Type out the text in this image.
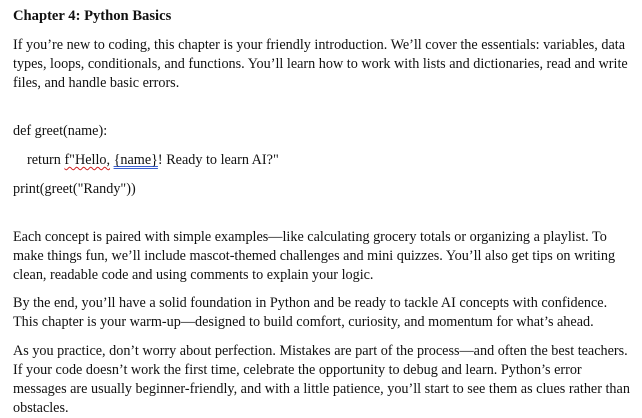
Chapter 4: Python Basics

If you’re new to coding, this chapter is your friendly introduction. We’ll cover the essentials: variables, data types, loops, conditionals, and functions. You’ll learn how to work with lists and dictionaries, read and write files, and handle basic errors.

def greet(name):
return f"Hello, {name}! Ready to learn AI?"
print(greet("Randy"))

Each concept is paired with simple examples—like calculating grocery totals or organizing a playlist. To make things fun, we’ll include mascot-themed challenges and mini quizzes. You’ll also get tips on writing clean, readable code and using comments to explain your logic.

By the end, you’ll have a solid foundation in Python and be ready to tackle AI concepts with confidence. This chapter is your warm-up—designed to build comfort, curiosity, and momentum for what’s ahead.

As you practice, don’t worry about perfection. Mistakes are part of the process—and often the best teachers. If your code doesn’t work the first time, celebrate the opportunity to debug and learn. Python’s error messages are usually beginner-friendly, and with a little patience, you’ll start to see them as clues rather than obstacles.
